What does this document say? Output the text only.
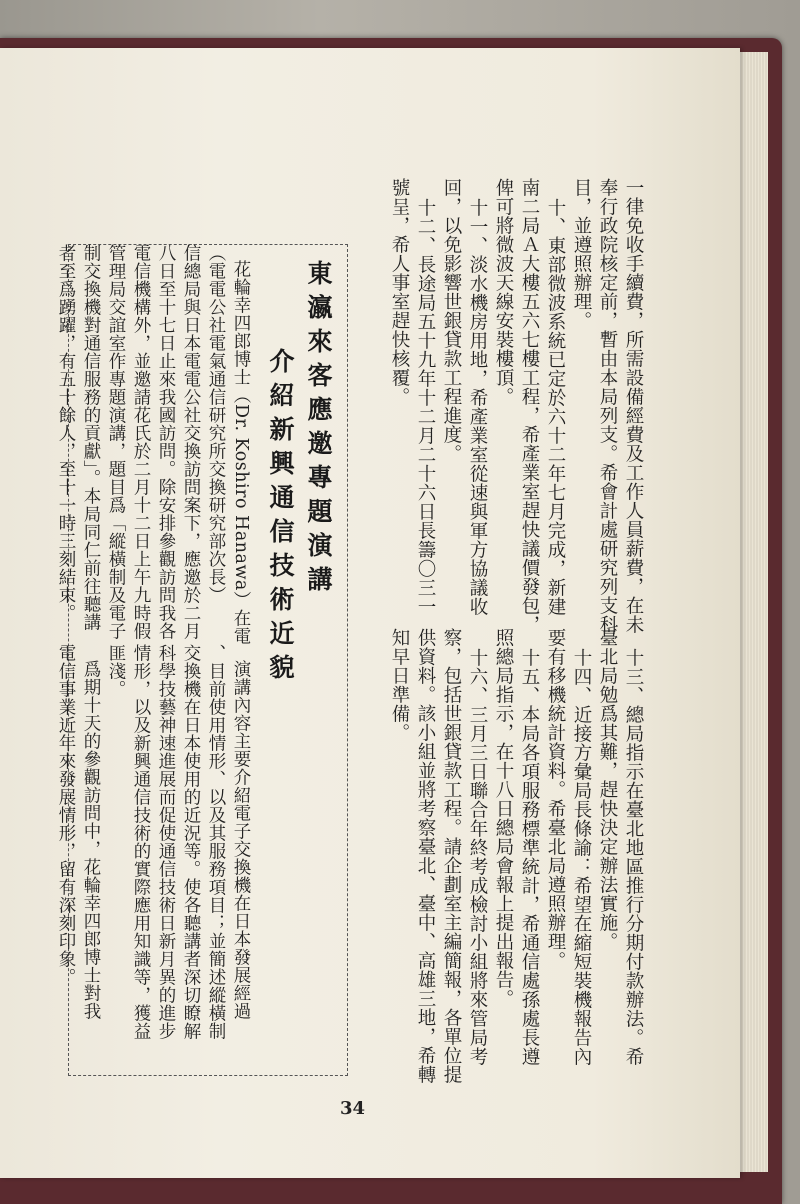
一律免收手續費，所需設備經費及工作人員薪費，在未
奉行政院核定前，暫由本局列支。希會計處研究列支科
目，並遵照辦理。
十、東部微波系統已定於六十二年七月完成，新建
南二局Ａ大樓五六七樓工程，希產業室趕快議價發包，
俾可將微波天線安裝樓頂。
十一、淡水機房用地，希產業室從速與軍方協議收
回，以免影響世銀貸款工程進度。
十二、長途局五十九年十二月二十六日長籌〇三一
號呈，希人事室趕快核覆。
十三、總局指示在臺北地區推行分期付款辦法。希
臺北局勉爲其難，趕快決定辦法實施。
十四、近接方彙局長條諭：希望在縮短裝機報告內
要有移機統計資料。希臺北局遵照辦理。
十五、本局各項服務標準統計，希通信處孫處長遵
照總局指示，在十八日總局會報上提出報告。
十六、三月三日聯合年終考成檢討小組將來管局考
察，包括世銀貸款工程。請企劃室主編簡報，各單位提
供資料。該小組並將考察臺北、臺中、高雄三地，希轉
知早日準備。
東瀛來客應邀專題演講
介紹新興通信技術近貌
花輪幸四郎博士（Dr. Koshiro Hanawa）在電
（電電公社電氣通信研究所交換研究部次長）
信總局與日本電電公社交換訪問案下，應邀於二月
八日至十七日止來我國訪問。除安排參觀訪問我各
電信機構外，並邀請花氏於二月十二日上午九時假
管理局交誼室作專題演講，題目爲「縱橫制及電子
制交換機對通信服務的貢獻」。本局同仁前往聽講
者至爲踴躍，有五十餘人，至十一時三刻結束。
演講內容主要介紹電子交換機在日本發展經過
、目前使用情形、以及其服務項目；並簡述縱橫制
交換機在日本使用的近況等。使各聽講者深切瞭解
科學技藝神速進展而促使通信技術日新月異的進步
情形，以及新興通信技術的實際應用知識等，獲益
匪淺。
爲期十天的參觀訪問中，花輪幸四郎博士對我
電信事業近年來發展情形，留有深刻印象。
34
